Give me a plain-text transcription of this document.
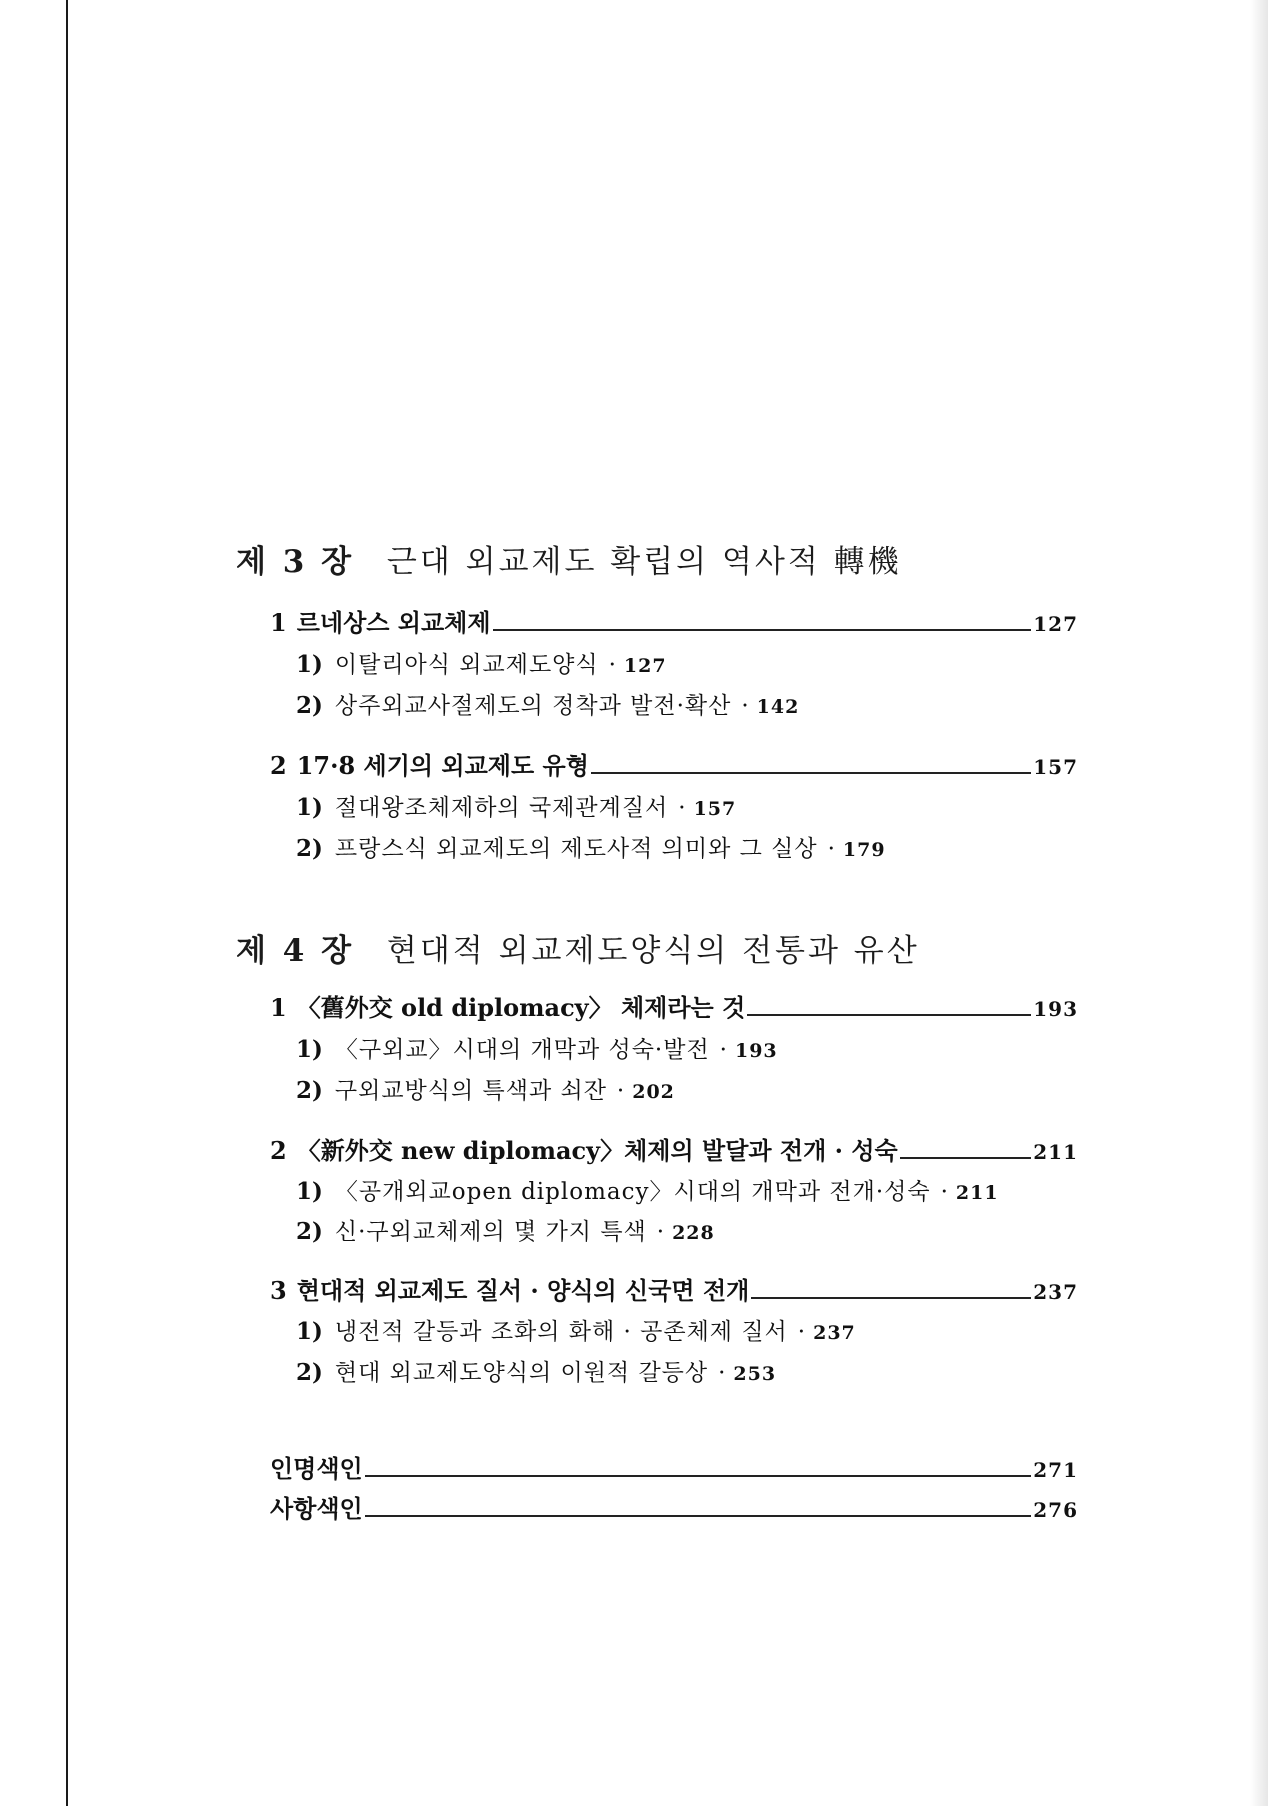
제 3 장 근대 외교제도 확립의 역사적 轉機
1 르네상스 외교체제	127
1) 이탈리아식 외교제도양식 · 127
2) 상주외교사절제도의 정착과 발전·확산 · 142
2 17·8 세기의 외교제도 유형	157
1) 절대왕조체제하의 국제관계질서 · 157
2) 프랑스식 외교제도의 제도사적 의미와 그 실상 · 179
제 4 장 현대적 외교제도양식의 전통과 유산
1 〈舊外交 old diplomacy〉 체제라는 것	193
1) 〈구외교〉시대의 개막과 성숙·발전 · 193
2) 구외교방식의 특색과 쇠잔 · 202
2 〈新外交 new diplomacy〉체제의 발달과 전개 · 성숙	211
1) 〈공개외교open diplomacy〉시대의 개막과 전개·성숙 · 211
2) 신·구외교체제의 몇 가지 특색 · 228
3 현대적 외교제도 질서 · 양식의 신국면 전개	237
1) 냉전적 갈등과 조화의 화해 · 공존체제 질서 · 237
2) 현대 외교제도양식의 이원적 갈등상 · 253
인명색인	271
사항색인	276
